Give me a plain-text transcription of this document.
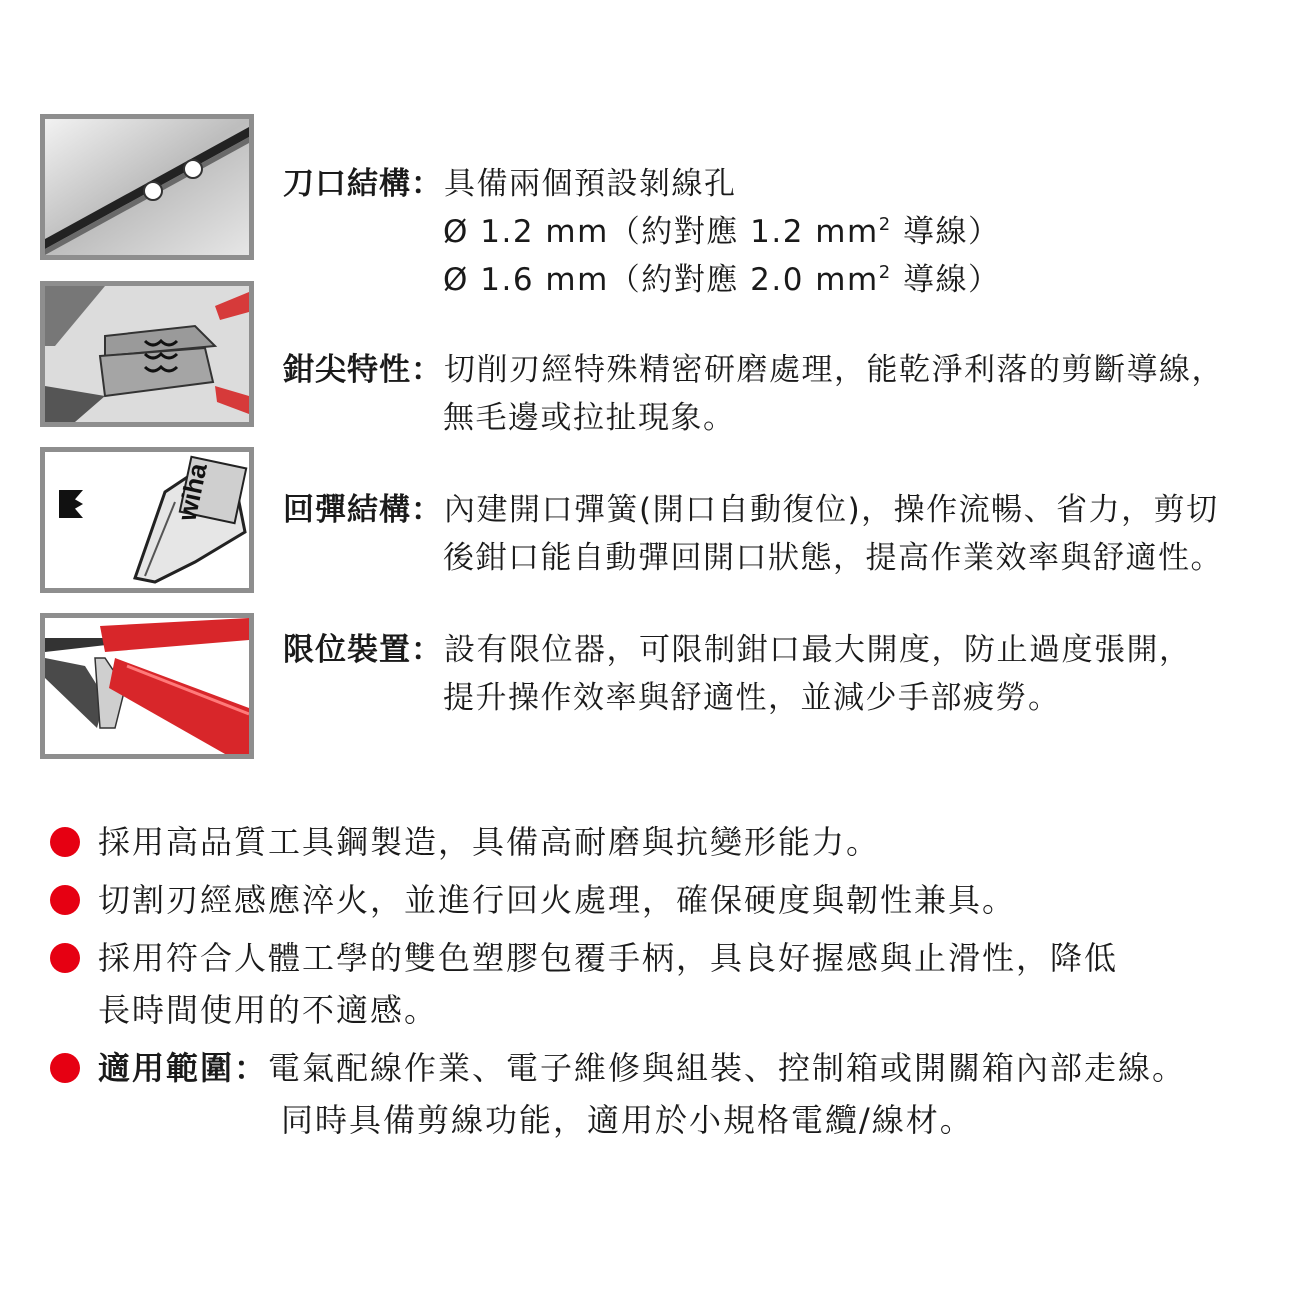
wiha
刀口結構 ： 具備兩個預設剝線孔
Ø 1.2 mm（約對應 1.2 $mm^2$ 導線）
Ø 1.6 mm（約對應 2.0 $mm^2$ 導線）
鉗尖特性 ： 切削刃經特殊精密研磨處理，能乾淨利落的剪斷導線，
無毛邊或拉扯現象。
回彈結構 ： 內建開口彈簧(開口自動復位)，操作流暢、省力，剪切
後鉗口能自動彈回開口狀態，提高作業效率與舒適性。
限位裝置 ： 設有限位器，可限制鉗口最大開度，防止過度張開，
提升操作效率與舒適性，並減少手部疲勞。
採用高品質工具鋼製造，具備高耐磨與抗變形能力。
切割刃經感應淬火，並進行回火處理，確保硬度與韌性兼具。
採用符合人體工學的雙色塑膠包覆手柄，具良好握感與止滑性，降低
長時間使用的不適感。
適用範圍：電氣配線作業、電子維修與組裝、控制箱或開關箱內部走線。
同時具備剪線功能，適用於小規格電纜/線材。
